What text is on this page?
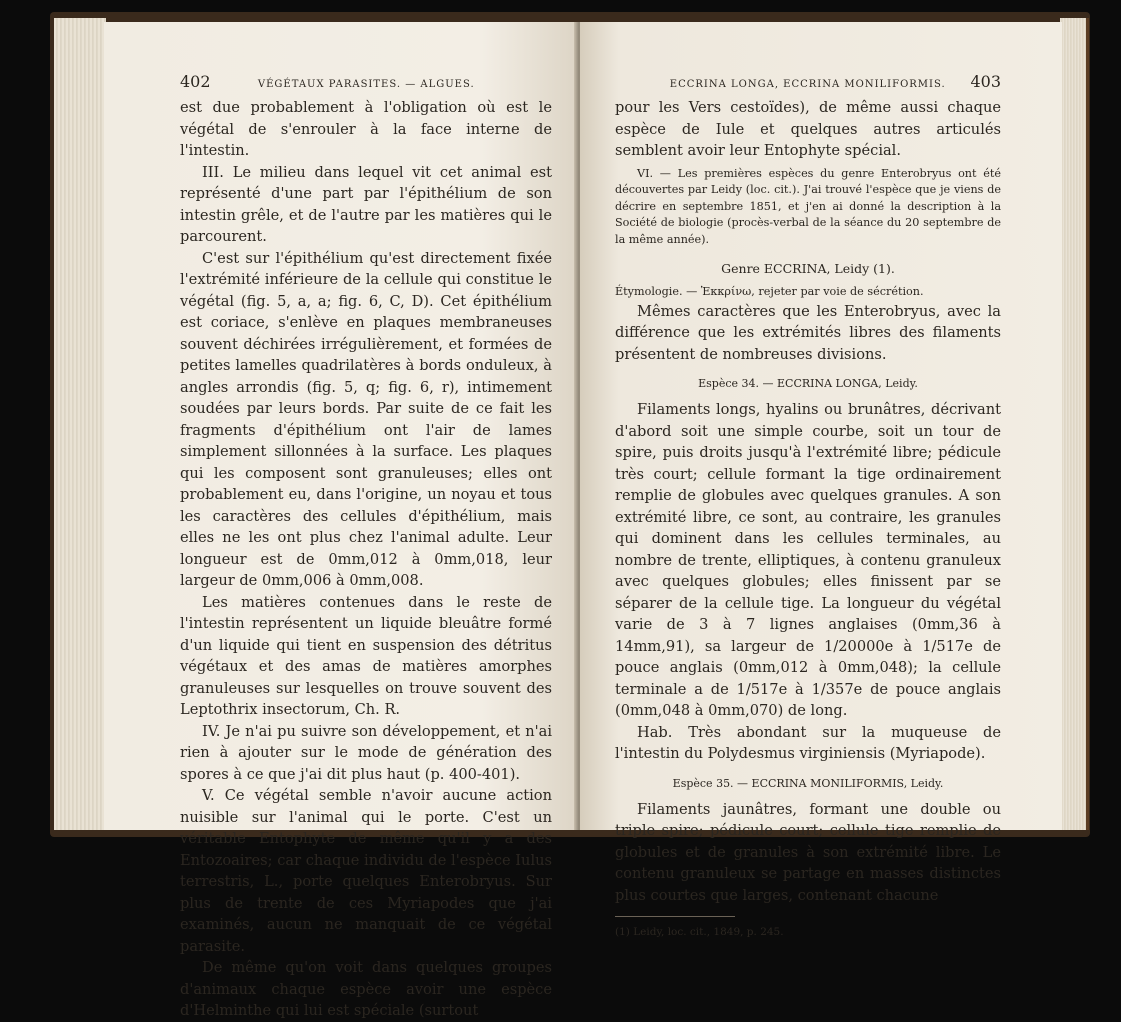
402	VÉGÉTAUX PARASITES. — ALGUES.

est due probablement à l'obligation où est le végétal de s'enrouler à la face interne de l'intestin.

III. Le milieu dans lequel vit cet animal est représenté d'une part par l'épithélium de son intestin grêle, et de l'autre par les matières qui le parcourent.

C'est sur l'épithélium qu'est directement fixée l'extrémité inférieure de la cellule qui constitue le végétal (fig. 5, a, a; fig. 6, C, D). Cet épithélium est coriace, s'enlève en plaques membraneuses souvent déchirées irrégulièrement, et formées de petites lamelles quadrilatères à bords onduleux, à angles arrondis (fig. 5, q; fig. 6, r), intimement soudées par leurs bords. Par suite de ce fait les fragments d'épithélium ont l'air de lames simplement sillonnées à la surface. Les plaques qui les composent sont granuleuses; elles ont probablement eu, dans l'origine, un noyau et tous les caractères des cellules d'épithélium, mais elles ne les ont plus chez l'animal adulte. Leur longueur est de 0mm,012 à 0mm,018, leur largeur de 0mm,006 à 0mm,008.

Les matières contenues dans le reste de l'intestin représentent un liquide bleuâtre formé d'un liquide qui tient en suspension des détritus végétaux et des amas de matières amorphes granuleuses sur lesquelles on trouve souvent des Leptothrix insectorum, Ch. R.

IV. Je n'ai pu suivre son développement, et n'ai rien à ajouter sur le mode de génération des spores à ce que j'ai dit plus haut (p. 400-401).

V. Ce végétal semble n'avoir aucune action nuisible sur l'animal qui le porte. C'est un véritable Entophyte de même qu'il y a des Entozoaires; car chaque individu de l'espèce Iulus terrestris, L., porte quelques Enterobryus. Sur plus de trente de ces Myriapodes que j'ai examinés, aucun ne manquait de ce végétal parasite.

De même qu'on voit dans quelques groupes d'animaux chaque espèce avoir une espèce d'Helminthe qui lui est spéciale (surtout

ECCRINA LONGA, ECCRINA MONILIFORMIS. 403

pour les Vers cestoïdes), de même aussi chaque espèce de Iule et quelques autres articulés semblent avoir leur Entophyte spécial.

VI. — Les premières espèces du genre Enterobryus ont été découvertes par Leidy (loc. cit.). J'ai trouvé l'espèce que je viens de décrire en septembre 1851, et j'en ai donné la description à la Société de biologie (procès-verbal de la séance du 20 septembre de la même année).

Genre ECCRINA, Leidy (1).

Étymologie. — Ἐκκρίνω, rejeter par voie de sécrétion.

Mêmes caractères que les Enterobryus, avec la différence que les extrémités libres des filaments présentent de nombreuses divisions.

Espèce 34. — ECCRINA LONGA, Leidy.

Filaments longs, hyalins ou brunâtres, décrivant d'abord soit une simple courbe, soit un tour de spire, puis droits jusqu'à l'extrémité libre; pédicule très court; cellule formant la tige ordinairement remplie de globules avec quelques granules. A son extrémité libre, ce sont, au contraire, les granules qui dominent dans les cellules terminales, au nombre de trente, elliptiques, à contenu granuleux avec quelques globules; elles finissent par se séparer de la cellule tige. La longueur du végétal varie de 3 à 7 lignes anglaises (0mm,36 à 14mm,91), sa largeur de 1/20000e à 1/517e de pouce anglais (0mm,012 à 0mm,048); la cellule terminale a de 1/517e à 1/357e de pouce anglais (0mm,048 à 0mm,070) de long.

Hab. Très abondant sur la muqueuse de l'intestin du Polydesmus virginiensis (Myriapode).

Espèce 35. — ECCRINA MONILIFORMIS, Leidy.

Filaments jaunâtres, formant une double ou triple spire; pédicule court; cellule tige remplie de globules et de granules à son extrémité libre. Le contenu granuleux se partage en masses distinctes plus courtes que larges, contenant chacune

(1) Leidy, loc. cit., 1849, p. 245.
